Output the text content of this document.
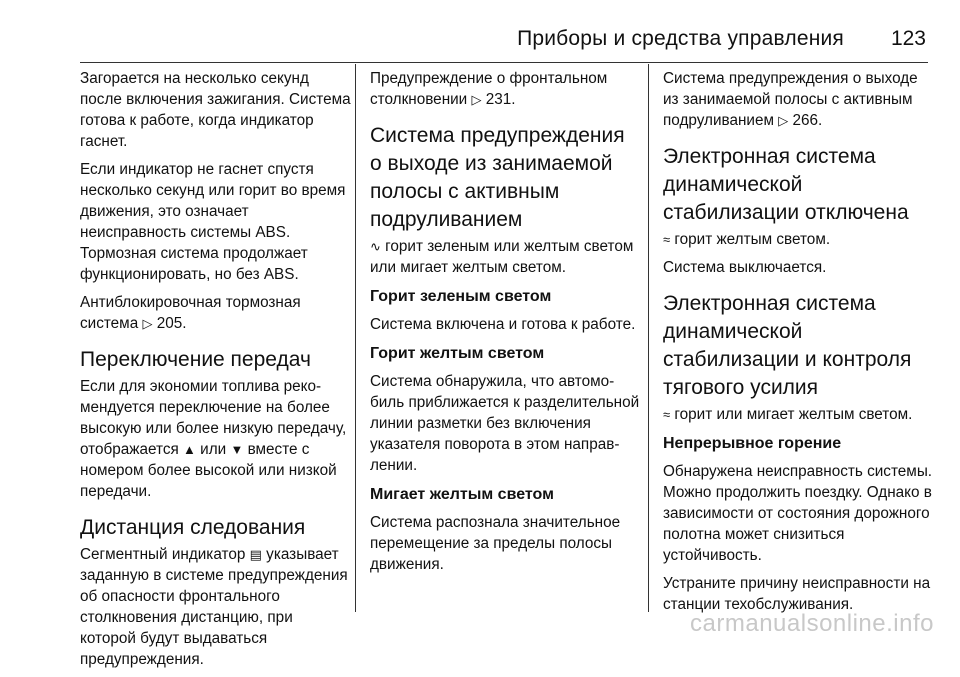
Приборы и средства управления 123

Загорается на несколько секунд после включения зажигания. Система готова к работе, когда индикатор гаснет.

Если индикатор не гаснет спустя несколько секунд или горит во время движения, это означает неисправность системы ABS. Тормозная система продолжает функционировать, но без ABS.

Антиблокировочная тормозная система ▷ 205.

Переключение передач

Если для экономии топлива рекомендуется переключение на более высокую или более низкую передачу, отображается ▲ или ▼ вместе с номером более высокой или низкой передачи.

Дистанция следования

Сегментный индикатор ▤ указывает заданную в системе предупреждения об опасности фронтального столкновения дистанцию, при которой будут выдаваться предупреждения.

Предупреждение о фронтальном столкновении ▷ 231.

Система предупреждения о выходе из занимаемой полосы с активным подруливанием

∿ горит зеленым или желтым светом или мигает желтым светом.

Горит зеленым светом

Система включена и готова к работе.

Горит желтым светом

Система обнаружила, что автомобиль приближается к разделительной линии разметки без включения указателя поворота в этом направлении.

Мигает желтым светом

Система распознала значительное перемещение за пределы полосы движения.

Система предупреждения о выходе из занимаемой полосы с активным подруливанием ▷ 266.

Электронная система динамической стабилизации отключена

≈ горит желтым светом.

Система выключается.

Электронная система динамической стабилизации и контроля тягового усилия

≈ горит или мигает желтым светом.

Непрерывное горение

Обнаружена неисправность системы. Можно продолжить поездку. Однако в зависимости от состояния дорожного полотна может снизиться устойчивость.

Устраните причину неисправности на станции техобслуживания.

carmanualsonline.info
